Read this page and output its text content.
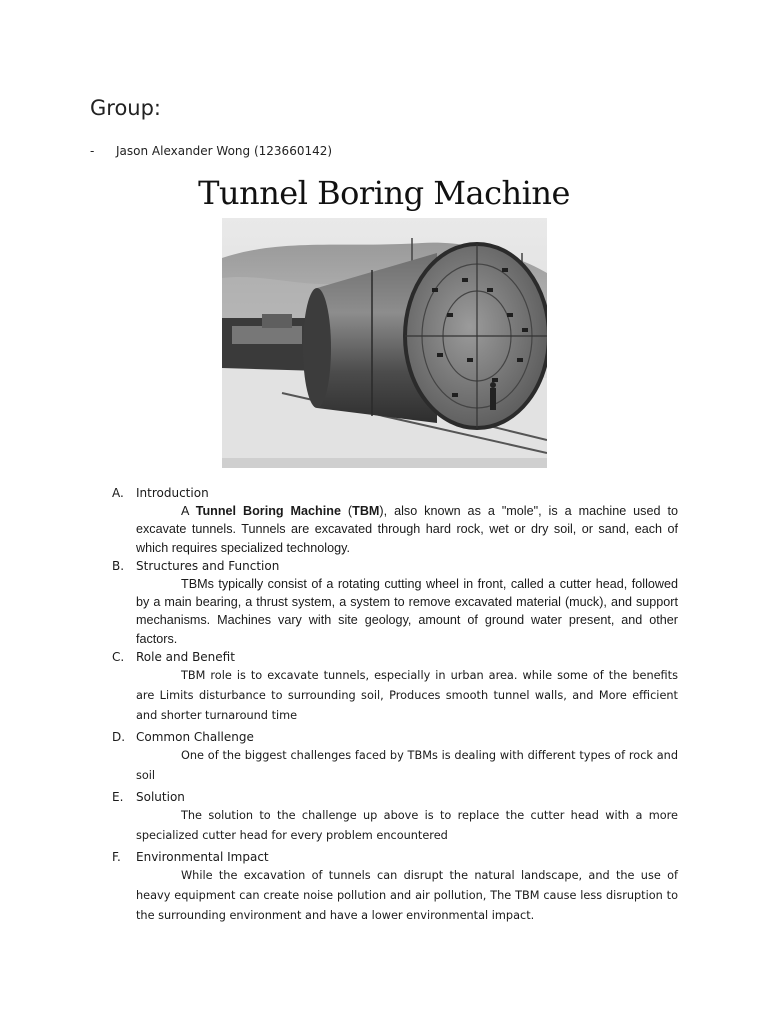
Group:
- Jason Alexander Wong (123660142)
Tunnel Boring Machine
A. Introduction

A Tunnel Boring Machine (TBM), also known as a "mole", is a machine used to excavate tunnels. Tunnels are excavated through hard rock, wet or dry soil, or sand, each of which requires specialized technology.

B. Structures and Function

TBMs typically consist of a rotating cutting wheel in front, called a cutter head, followed by a main bearing, a thrust system, a system to remove excavated material (muck), and support mechanisms. Machines vary with site geology, amount of ground water present, and other factors.

C. Role and Benefit

TBM role is to excavate tunnels, especially in urban area. while some of the benefits are Limits disturbance to surrounding soil, Produces smooth tunnel walls, and More efficient and shorter turnaround time

D. Common Challenge

One of the biggest challenges faced by TBMs is dealing with different types of rock and soil

E. Solution

The solution to the challenge up above is to replace the cutter head with a more specialized cutter head for every problem encountered

F. Environmental Impact

While the excavation of tunnels can disrupt the natural landscape, and the use of heavy equipment can create noise pollution and air pollution, The TBM cause less disruption to the surrounding environment and have a lower environmental impact.
